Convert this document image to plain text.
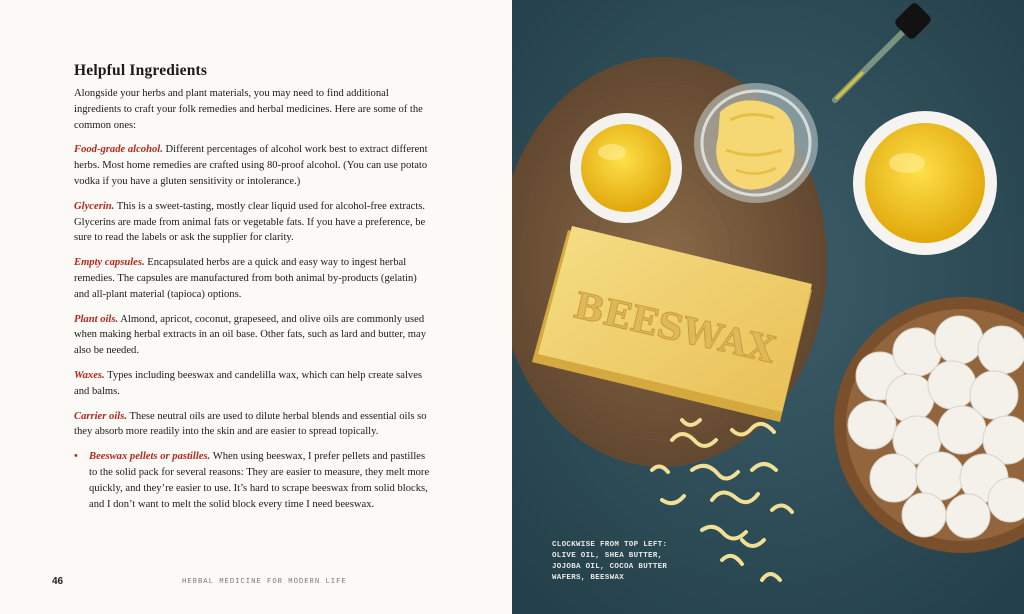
Helpful Ingredients

Alongside your herbs and plant materials, you may need to find additional ingredients to craft your folk remedies and herbal medicines. Here are some of the common ones:

Food-grade alcohol. Different percentages of alcohol work best to extract different herbs. Most home remedies are crafted using 80-proof alcohol. (You can use potato vodka if you have a gluten sensitivity or intolerance.)

Glycerin. This is a sweet-tasting, mostly clear liquid used for alcohol-free extracts. Glycerins are made from animal fats or vegetable fats. If you have a preference, be sure to read the labels or ask the supplier for clarity.

Empty capsules. Encapsulated herbs are a quick and easy way to ingest herbal remedies. The capsules are manufactured from both animal by-products (gelatin) and all-plant material (tapioca) options.

Plant oils. Almond, apricot, coconut, grapeseed, and olive oils are commonly used when making herbal extracts in an oil base. Other fats, such as lard and butter, may also be needed.

Waxes. Types including beeswax and candelilla wax, which can help create salves and balms.

Carrier oils. These neutral oils are used to dilute herbal blends and essential oils so they absorb more readily into the skin and are easier to spread topically.

• Beeswax pellets or pastilles. When using beeswax, I prefer pellets and pastilles to the solid pack for several reasons: They are easier to measure, they melt more quickly, and they’re easier to use. It’s hard to scrape beeswax from solid blocks, and I don’t want to melt the solid block every time I need beeswax.

46	HERBAL MEDICINE FOR MODERN LIFE
BEESWAX
CLOCKWISE FROM TOP LEFT:
OLIVE OIL, SHEA BUTTER,
JOJOBA OIL, COCOA BUTTER
WAFERS, BEESWAX
